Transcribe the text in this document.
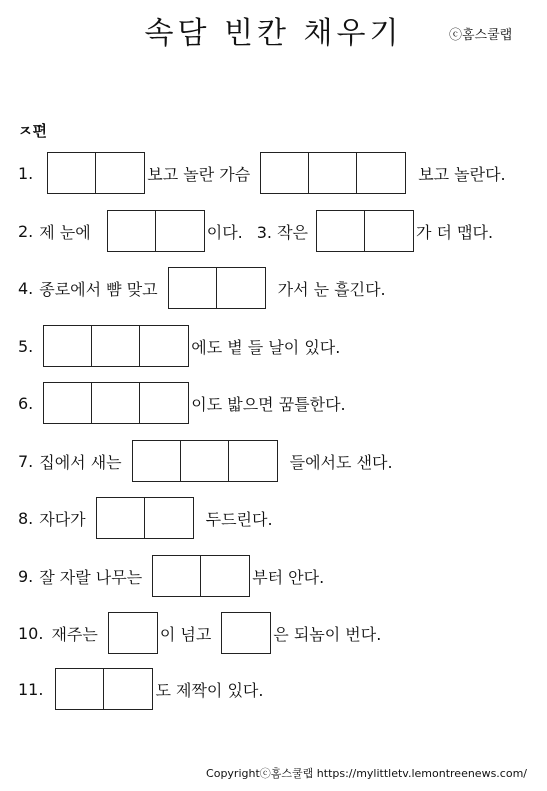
속담 빈칸 채우기	ⓒ홈스쿨랩
ㅈ편
1.	보고 놀란 가슴	보고 놀란다.
2. 제 눈에	이다. 3. 작은	가 더 맵다.
4. 종로에서 뺨 맞고	가서 눈 흘긴다.
5.	에도 볕 들 날이 있다.
6.	이도 밟으면 꿈틀한다.
7. 집에서 새는	들에서도 샌다.
8. 자다가	두드린다.
9. 잘 자랄 나무는	부터 안다.
10. 재주는	이 넘고	은 되놈이 번다.
11.	도 제짝이 있다.
Copyrightⓒ홈스쿨랩 https://mylittletv.lemontreenews.com/
